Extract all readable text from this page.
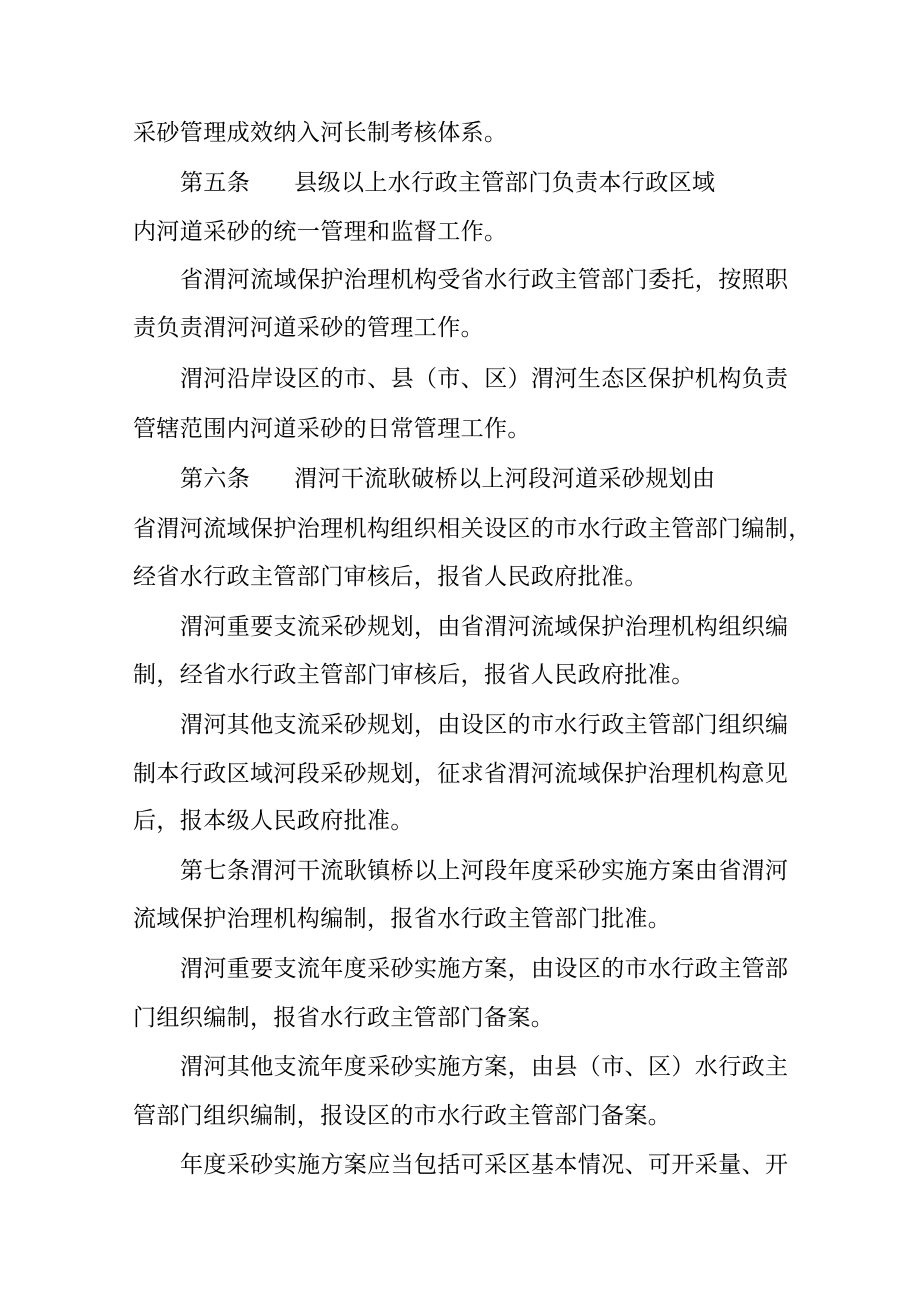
采砂管理成效纳入河长制考核体系。
第五条 县级以上水行政主管部门负责本行政区域
内河道采砂的统一管理和监督工作。
省渭河流域保护治理机构受省水行政主管部门委托，按照职
责负责渭河河道采砂的管理工作。
渭河沿岸设区的市、县（市、区）渭河生态区保护机构负责
管辖范围内河道采砂的日常管理工作。
第六条 渭河干流耿破桥以上河段河道采砂规划由
省渭河流域保护治理机构组织相关设区的市水行政主管部门编制，
经省水行政主管部门审核后，报省人民政府批准。
渭河重要支流采砂规划，由省渭河流域保护治理机构组织编
制，经省水行政主管部门审核后，报省人民政府批准。
渭河其他支流采砂规划，由设区的市水行政主管部门组织编
制本行政区域河段采砂规划，征求省渭河流域保护治理机构意见
后，报本级人民政府批准。
第七条渭河干流耿镇桥以上河段年度采砂实施方案由省渭河
流域保护治理机构编制，报省水行政主管部门批准。
渭河重要支流年度采砂实施方案，由设区的市水行政主管部
门组织编制，报省水行政主管部门备案。
渭河其他支流年度采砂实施方案，由县（市、区）水行政主
管部门组织编制，报设区的市水行政主管部门备案。
年度采砂实施方案应当包括可采区基本情况、可开采量、开
